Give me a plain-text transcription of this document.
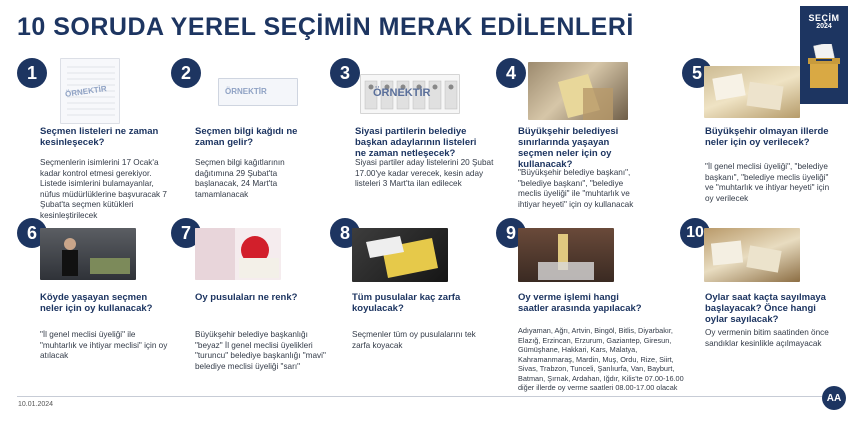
10 SORUDA YEREL SEÇİMİN MERAK EDİLENLERİ	SEÇİM
2024
1
ÖRNEKTİR
Seçmen listeleri ne zaman kesinleşecek?
Seçmenlerin isimlerini 17 Ocak'a kadar kontrol etmesi gerekiyor. Listede isimlerini bulamayanlar, nüfus müdürlüklerine başvuracak 7 Şubat'ta seçmen kütükleri kesinleştirilecek
2
ÖRNEKTİR
Seçmen bilgi kağıdı ne zaman gelir?
Seçmen bilgi kağıtlarının dağıtımına 29 Şubat'ta başlanacak, 24 Mart'ta tamamlanacak
3
ÖRNEKTİR
Siyasi partilerin belediye başkan adaylarının listeleri ne zaman netleşecek?
Siyasi partiler aday listelerini 20 Şubat 17.00'ye kadar verecek, kesin aday listeleri 3 Mart'ta ilan edilecek
4
Büyükşehir belediyesi sınırlarında yaşayan seçmen neler için oy kullanacak?
"Büyükşehir belediye başkanı", "belediye başkanı", "belediye meclis üyeliği" ile "muhtarlık ve ihtiyar heyeti" için oy kullanacak
5
Büyükşehir olmayan illerde neler için oy verilecek?
"İl genel meclisi üyeliği", "belediye başkanı", "belediye meclis üyeliği" ve "muhtarlık ve ihtiyar heyeti" için oy verilecek
6
Köyde yaşayan seçmen neler için oy kullanacak?
"İl genel meclisi üyeliği" ile "muhtarlık ve ihtiyar meclisi" için oy atılacak
7
Oy pusulaları ne renk?
Büyükşehir belediye başkanlığı "beyaz" İl genel meclisi üyelikleri "turuncu" belediye başkanlığı "mavi" belediye meclisi üyeliği "sarı"
8
Tüm pusulalar kaç zarfa koyulacak?
Seçmenler tüm oy pusulalarını tek zarfa koyacak
9
Oy verme işlemi hangi saatler arasında yapılacak?
Adıyaman, Ağrı, Artvin, Bingöl, Bitlis, Diyarbakır, Elazığ, Erzincan, Erzurum, Gaziantep, Giresun, Gümüşhane, Hakkari, Kars, Malatya, Kahramanmaraş, Mardin, Muş, Ordu, Rize, Siirt, Sivas, Trabzon, Tunceli, Şanlıurfa, Van, Bayburt, Batman, Şırnak, Ardahan, Iğdır, Kilis'te 07.00-16.00 diğer illerde oy verme saatleri 08.00-17.00 olacak
10
Oylar saat kaçta sayılmaya başlayacak? Önce hangi oylar sayılacak?
Oy vermenin bitim saatinden önce sandıklar kesinlikle açılmayacak
10.01.2024
AA
